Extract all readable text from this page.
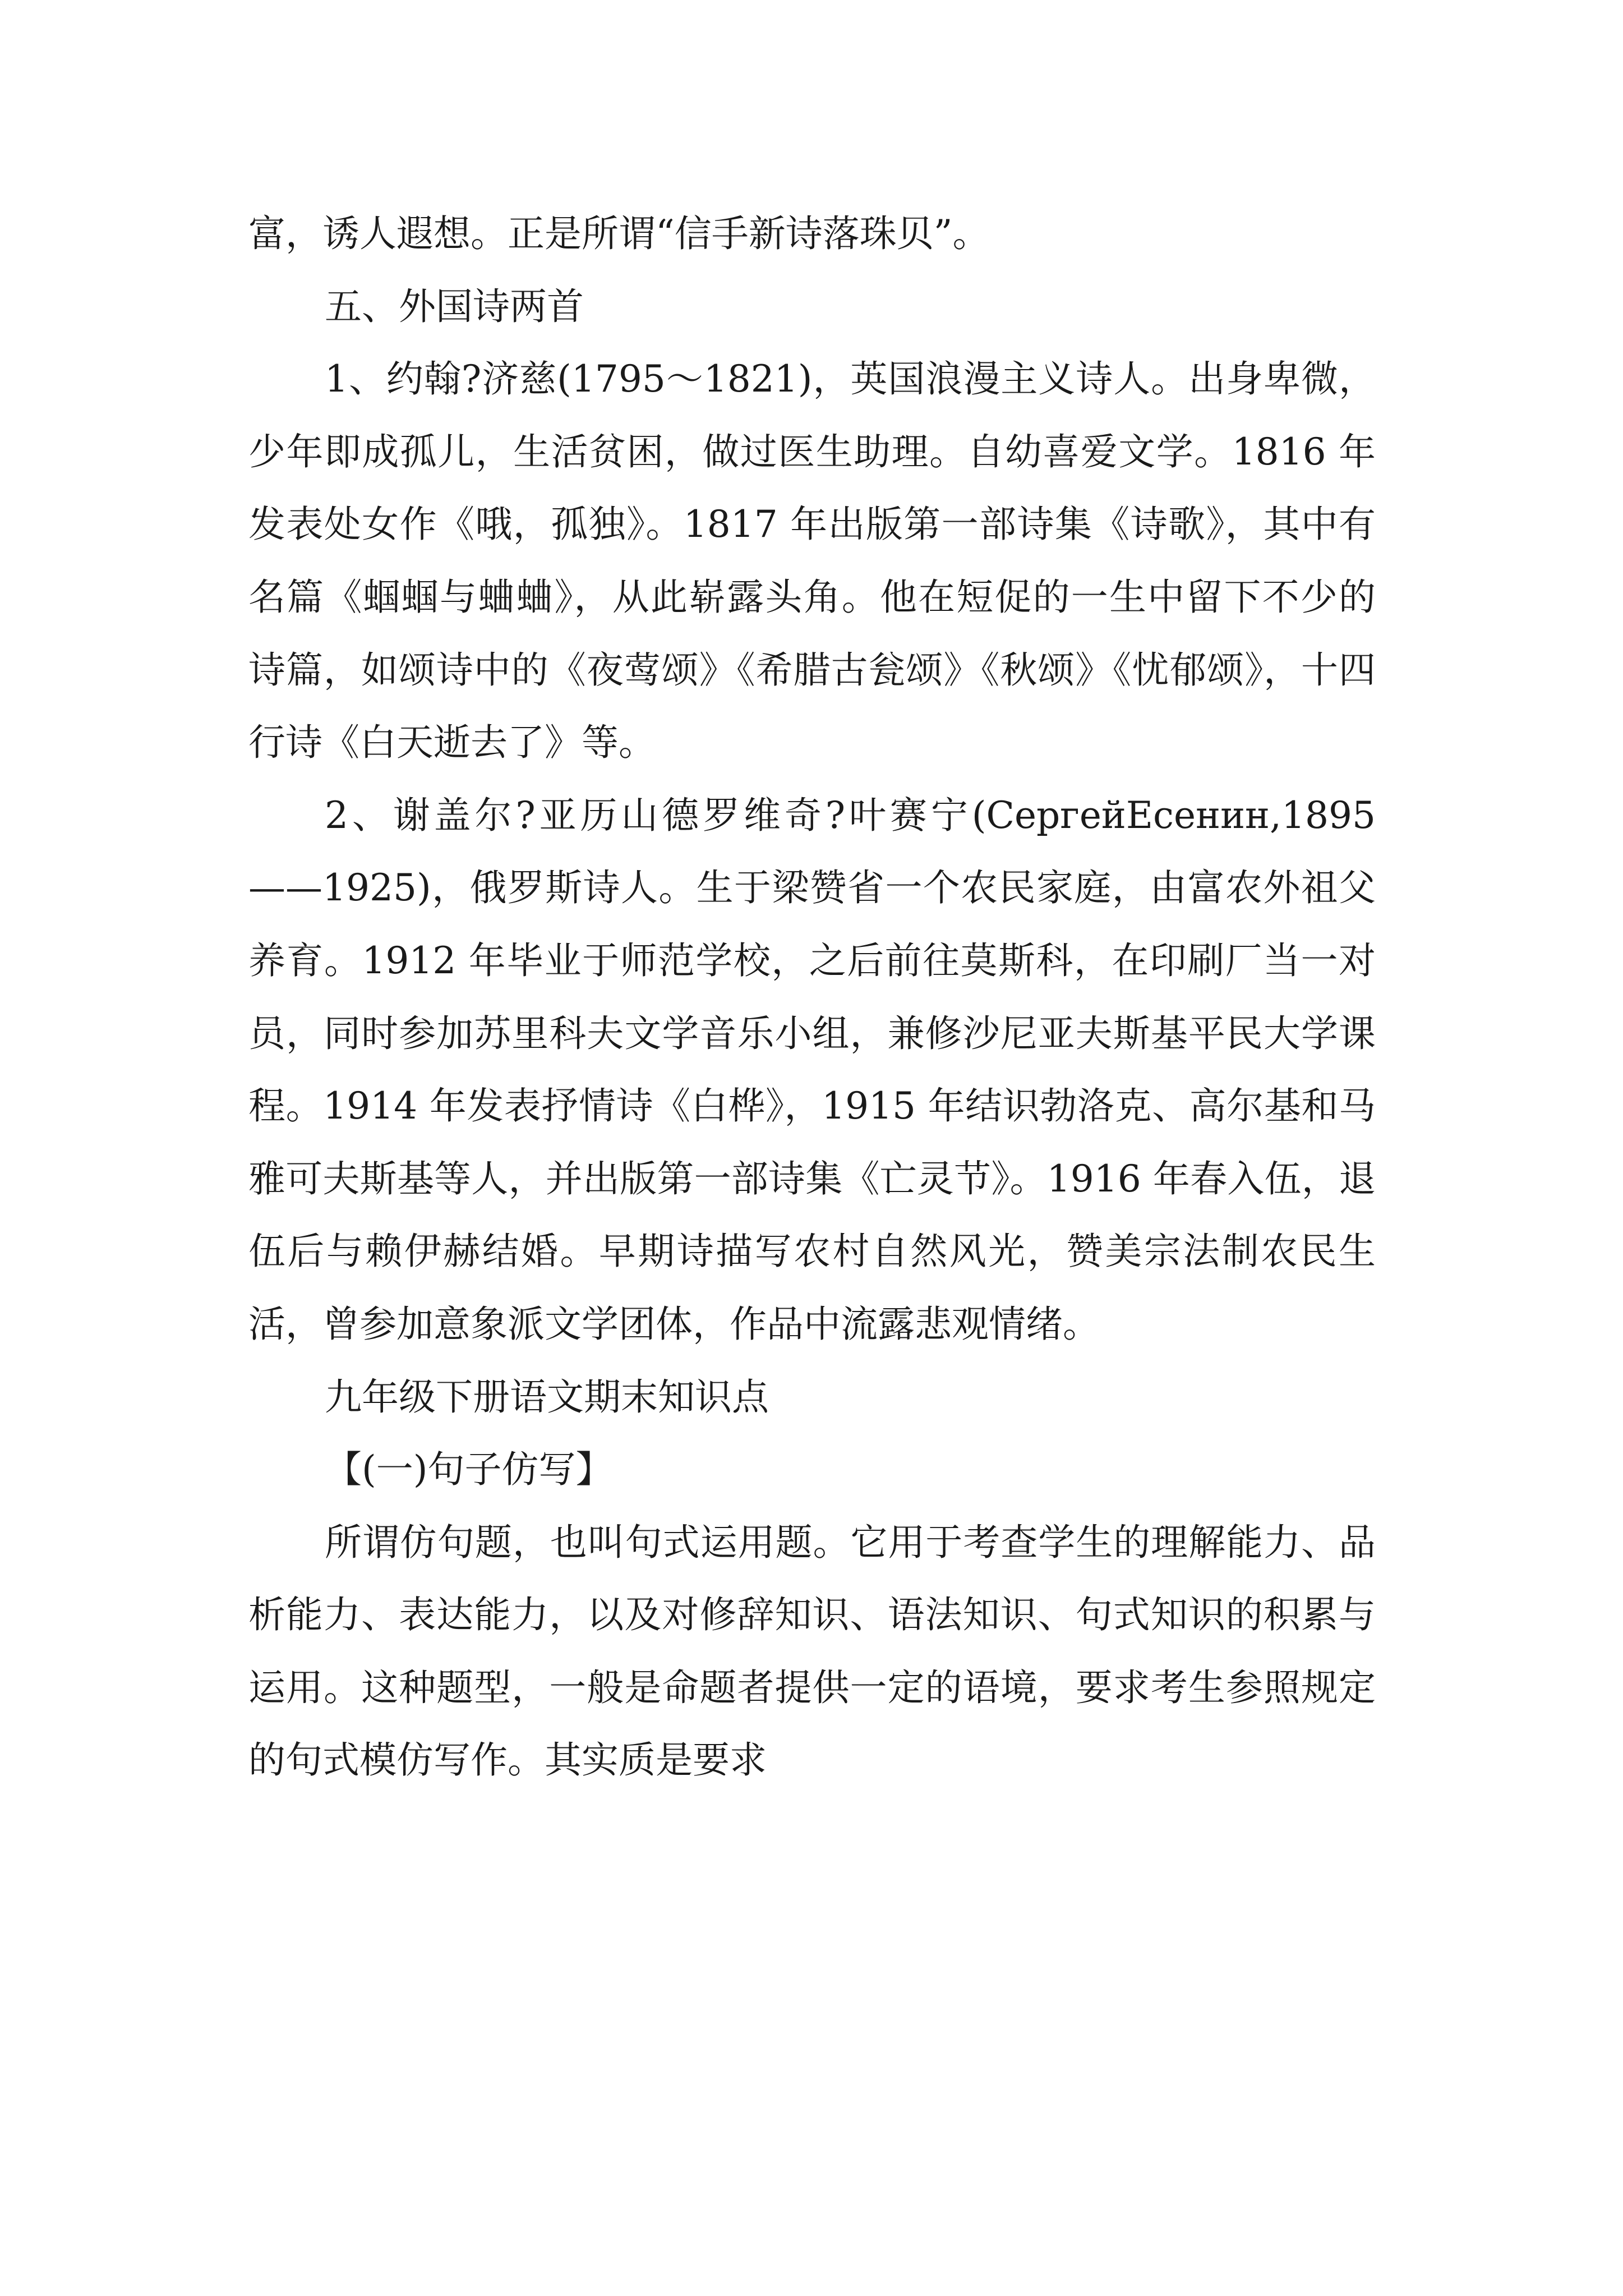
富，诱人遐想。正是所谓“信手新诗落珠贝”。

五、外国诗两首

1、约翰?济慈(1795～1821)，英国浪漫主义诗人。出身卑微，少年即成孤儿，生活贫困，做过医生助理。自幼喜爱文学。1816 年发表处女作《哦，孤独》。1817 年出版第一部诗集《诗歌》，其中有名篇《蝈蝈与蛐蛐》，从此崭露头角。他在短促的一生中留下不少的诗篇，如颂诗中的《夜莺颂》《希腊古瓮颂》《秋颂》《忧郁颂》，十四行诗《白天逝去了》等。

2、谢盖尔?亚历山德罗维奇?叶赛宁(СергейЕсенин,1895——1925)，俄罗斯诗人。生于梁赞省一个农民家庭，由富农外祖父养育。1912 年毕业于师范学校，之后前往莫斯科，在印刷厂当一对员，同时参加苏里科夫文学音乐小组，兼修沙尼亚夫斯基平民大学课程。1914 年发表抒情诗《白桦》，1915 年结识勃洛克、高尔基和马雅可夫斯基等人，并出版第一部诗集《亡灵节》。1916 年春入伍，退伍后与赖伊赫结婚。早期诗描写农村自然风光，赞美宗法制农民生活，曾参加意象派文学团体，作品中流露悲观情绪。

九年级下册语文期末知识点

【(一)句子仿写】

所谓仿句题，也叫句式运用题。它用于考查学生的理解能力、品析能力、表达能力，以及对修辞知识、语法知识、句式知识的积累与运用。这种题型，一般是命题者提供一定的语境，要求考生参照规定的句式模仿写作。其实质是要求
